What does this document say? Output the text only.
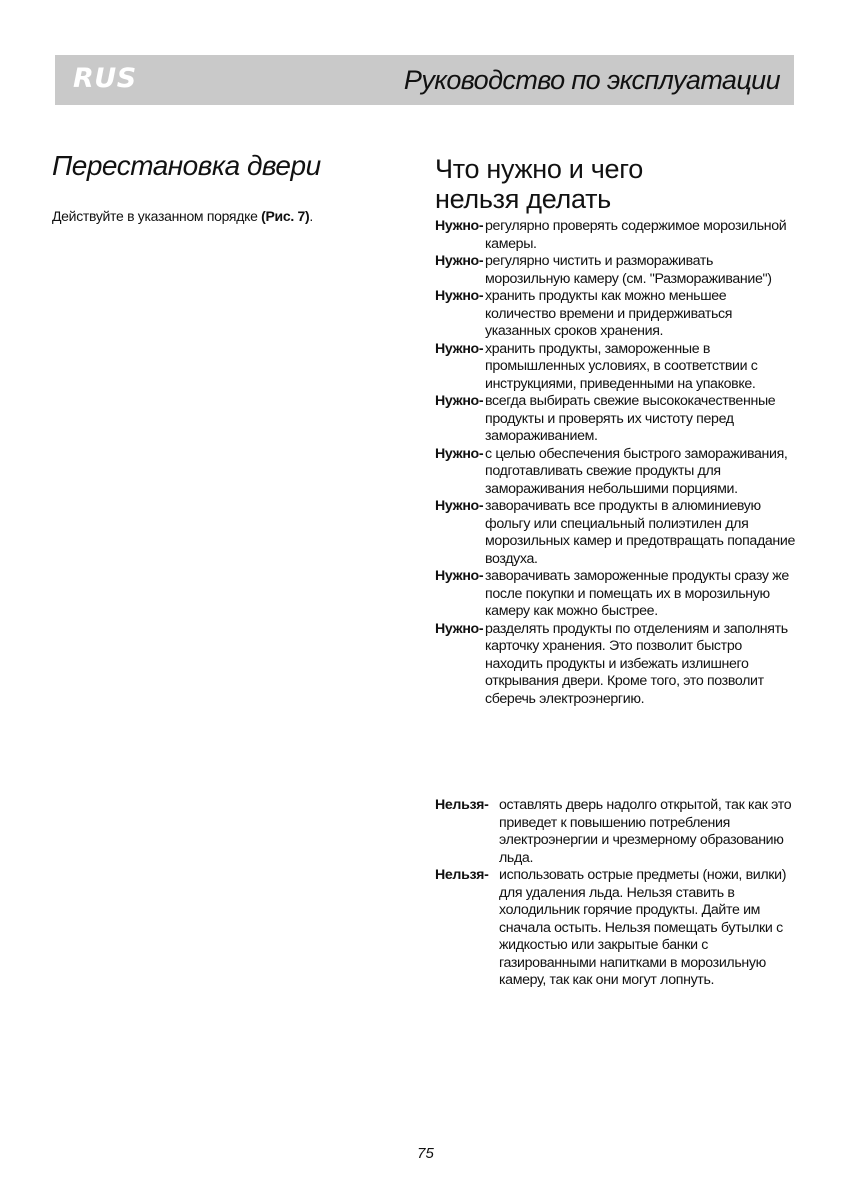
RUS	Руководство по эксплуатации
Перестановка двери

Действуйте в указанном порядке (Рис. 7).

Что нужно и чего
нельзя делать
Нужно- регулярно проверять содержимое морозильной камеры.
Нужно- регулярно чистить и размораживать морозильную камеру (см. "Размораживание")
Нужно- хранить продукты как можно меньшее количество времени и придерживаться указанных сроков хранения.
Нужно- хранить продукты, замороженные в промышленных условиях, в соответствии с инструкциями, приведенными на упаковке.
Нужно- всегда выбирать свежие высококачественные продукты и проверять их чистоту перед замораживанием.
Нужно- с целью обеспечения быстрого замораживания, подготавливать свежие продукты для замораживания небольшими порциями.
Нужно- заворачивать все продукты в алюминиевую фольгу или специальный полиэтилен для морозильных камер и предотвращать попадание воздуха.
Нужно- заворачивать замороженные продукты сразу же после покупки и помещать их в морозильную камеру как можно быстрее.
Нужно- разделять продукты по отделениям и заполнять карточку хранения. Это позволит быстро находить продукты и избежать излишнего открывания двери. Кроме того, это позволит сберечь электроэнергию.
Нельзя- оставлять дверь надолго открытой, так как это приведет к повышению потребления электроэнергии и чрезмерному образованию льда.
Нельзя- использовать острые предметы (ножи, вилки) для удаления льда. Нельзя ставить в холодильник горячие продукты. Дайте им сначала остыть. Нельзя помещать бутылки с жидкостью или закрытые банки с газированными напитками в морозильную камеру, так как они могут лопнуть.
75
